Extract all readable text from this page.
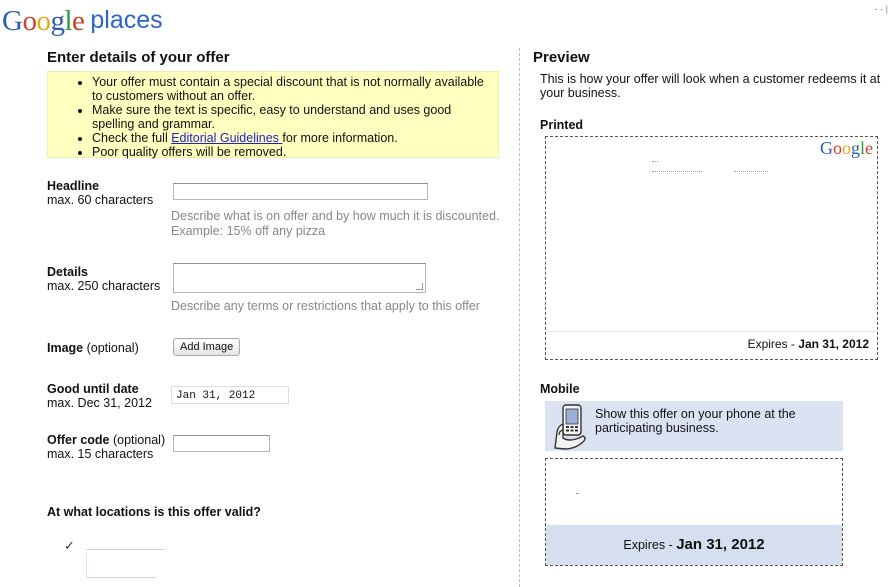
Google places	- - |
Enter details of your offer
• Your offer must contain a special discount that is not normally available to customers without an offer.
• Make sure the text is specific, easy to understand and uses good spelling and grammar.
• Check the full Editorial Guidelines for more information.
• Poor quality offers will be removed.
Headline
max. 60 characters
Describe what is on offer and by how much it is discounted.
Example: 15% off any pizza
Details
max. 250 characters
Describe any terms or restrictions that apply to this offer
Image (optional)	Add Image
Good until date
max. Dec 31, 2012	Jan 31, 2012
Offer code (optional)
max. 15 characters
At what locations is this offer valid?
✓
Preview
This is how your offer will look when a customer redeems it at your business.
Printed
Google
Expires - Jan 31, 2012
Mobile
Show this offer on your phone at the participating business.
Expires - Jan 31, 2012
